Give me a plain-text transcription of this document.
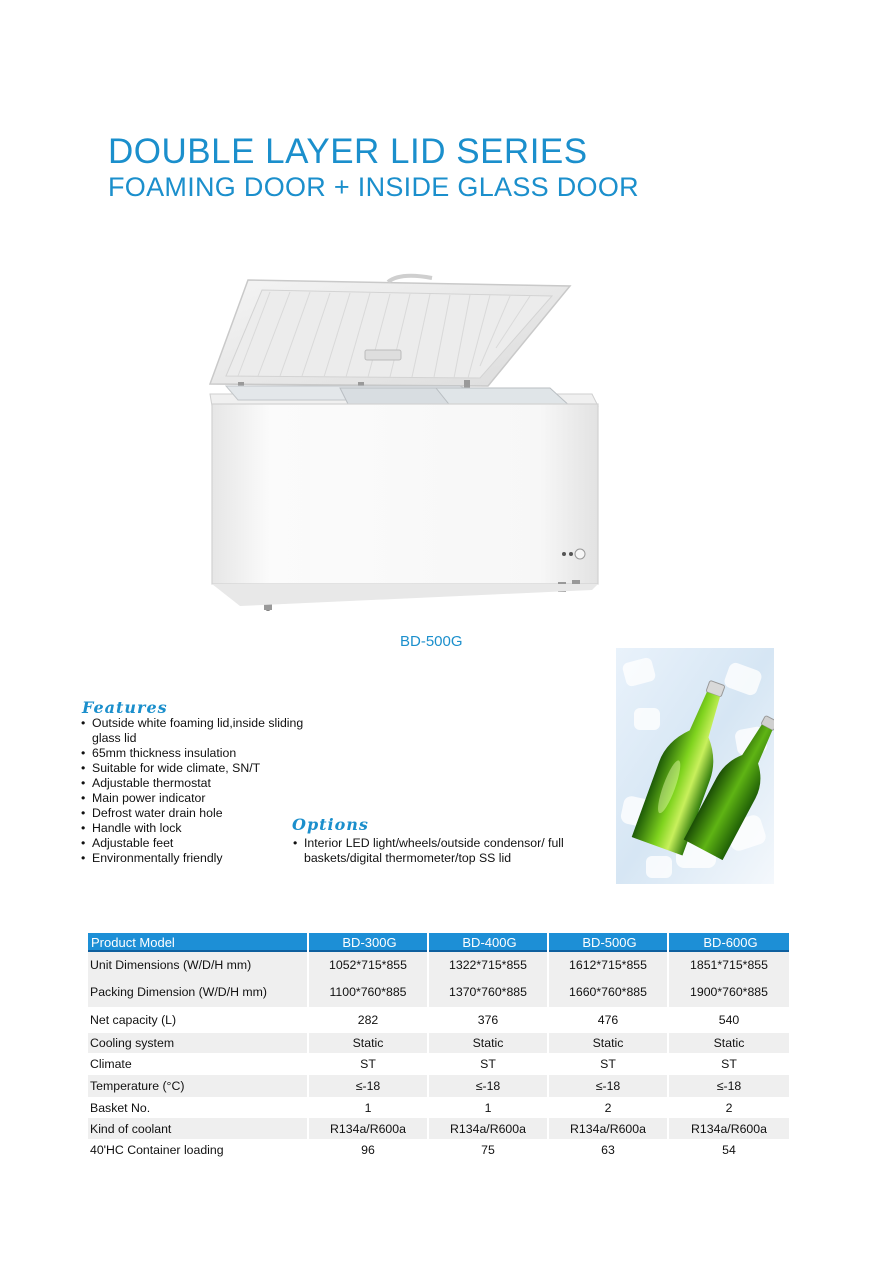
DOUBLE LAYER LID SERIES
FOAMING DOOR + INSIDE GLASS DOOR
BD-500G
Features
• Outside white foaming lid,inside sliding glass lid
• 65mm thickness insulation
• Suitable for wide climate, SN/T
• Adjustable thermostat
• Main power indicator
• Defrost water drain hole
• Handle with lock
• Adjustable feet
• Environmentally friendly
Options
• Interior LED light/wheels/outside condensor/ full baskets/digital thermometer/top SS lid
Product Model	BD-300G	BD-400G	BD-500G	BD-600G
Unit Dimensions (W/D/H mm)	1052*715*855	1322*715*855	1612*715*855	1851*715*855
Packing Dimension (W/D/H mm)	1100*760*885	1370*760*885	1660*760*885	1900*760*885
Net capacity (L)	282	376	476	540
Cooling system	Static	Static	Static	Static
Climate	ST	ST	ST	ST
Temperature (°C)	≤-18	≤-18	≤-18	≤-18
Basket No.	1	1	2	2
Kind of coolant	R134a/R600a	R134a/R600a	R134a/R600a	R134a/R600a
40'HC Container loading	96	75	63	54
